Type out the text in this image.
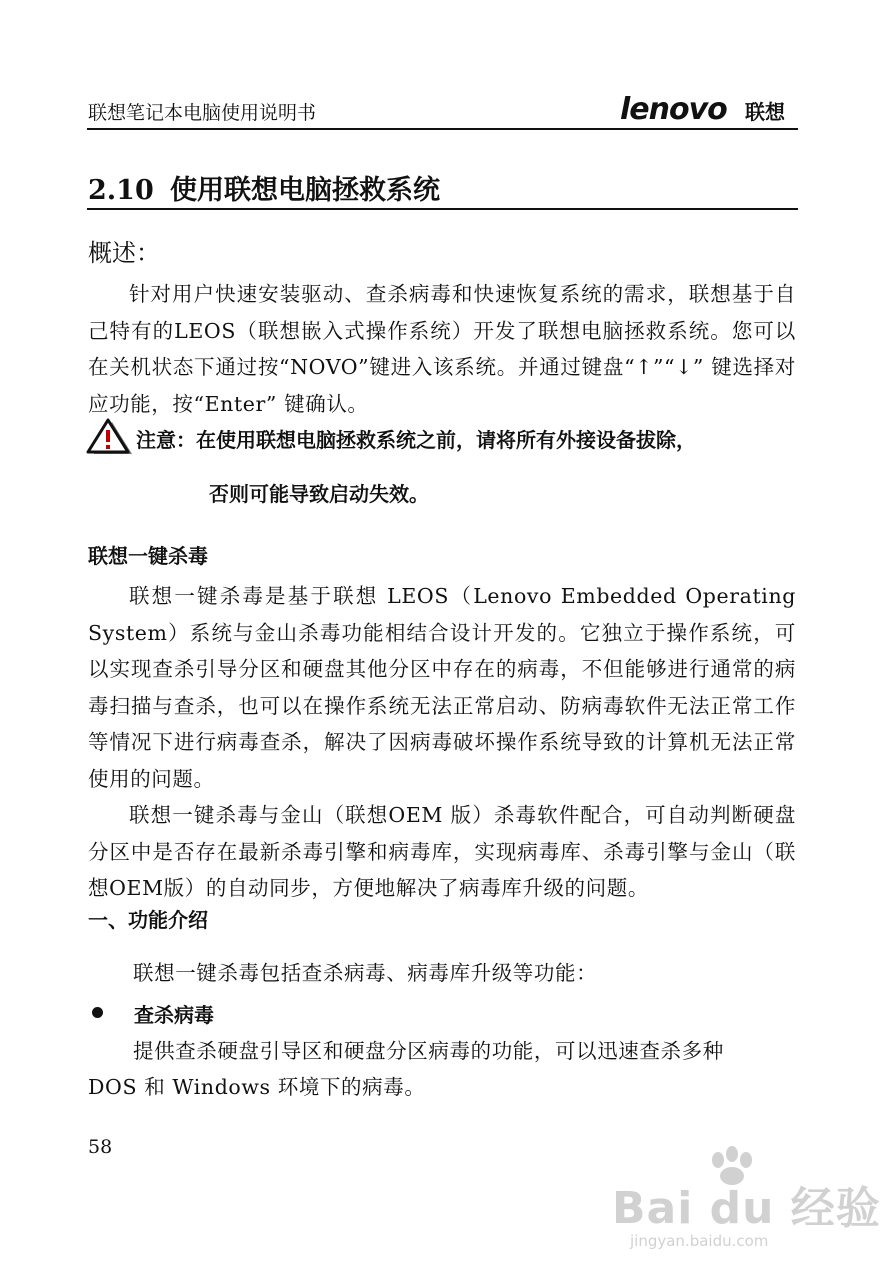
联想笔记本电脑使用说明书	lenovo 联想
2.10 使用联想电脑拯救系统
概述：

针对用户快速安装驱动、查杀病毒和快速恢复系统的需求，联想基于自己特有的LEOS（联想嵌入式操作系统）开发了联想电脑拯救系统。您可以在关机状态下通过按“NOVO”键进入该系统。并通过键盘“↑”“↓” 键选择对应功能，按“Enter” 键确认。

注意：在使用联想电脑拯救系统之前，请将所有外接设备拔除，
否则可能导致启动失效。
联想一键杀毒

联想一键杀毒是基于联想 LEOS（Lenovo Embedded Operating System）系统与金山杀毒功能相结合设计开发的。它独立于操作系统，可以实现查杀引导分区和硬盘其他分区中存在的病毒，不但能够进行通常的病毒扫描与查杀，也可以在操作系统无法正常启动、防病毒软件无法正常工作等情况下进行病毒查杀，解决了因病毒破坏操作系统导致的计算机无法正常使用的问题。

联想一键杀毒与金山（联想OEM 版）杀毒软件配合，可自动判断硬盘分区中是否存在最新杀毒引擎和病毒库，实现病毒库、杀毒引擎与金山（联想OEM版）的自动同步，方便地解决了病毒库升级的问题。

一、功能介绍
联想一键杀毒包括查杀病毒、病毒库升级等功能：
查杀病毒
提供查杀硬盘引导区和硬盘分区病毒的功能，可以迅速查杀多种
DOS 和 Windows 环境下的病毒。
58
Bai du 经验
jingyan.baidu.com
